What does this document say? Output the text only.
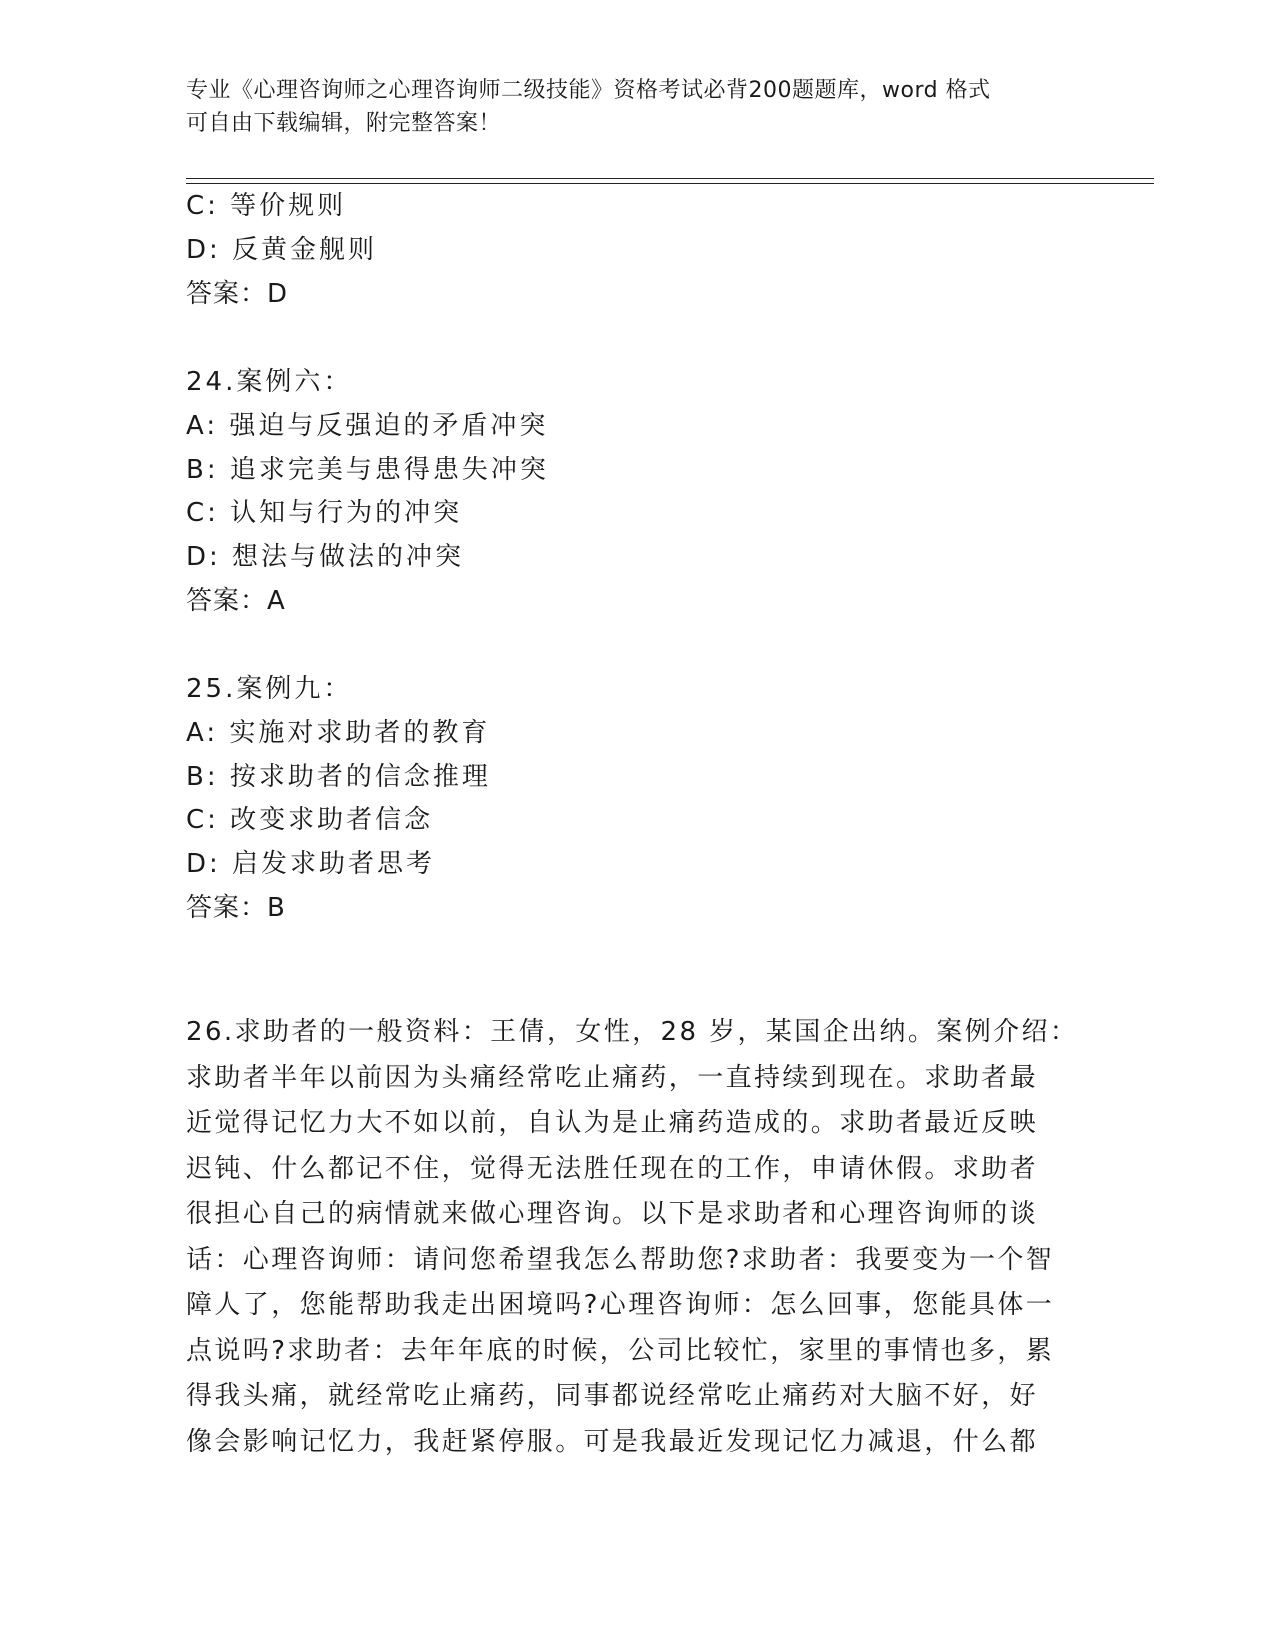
专业《心理咨询师之心理咨询师二级技能》资格考试必背200题题库，word 格式
可自由下载编辑，附完整答案！
C: 等价规则
D: 反黄金舰则
答案：D
24.案例六：
A: 强迫与反强迫的矛盾冲突
B: 追求完美与患得患失冲突
C: 认知与行为的冲突
D: 想法与做法的冲突
答案：A
25.案例九：
A: 实施对求助者的教育
B: 按求助者的信念推理
C: 改变求助者信念
D: 启发求助者思考
答案：B
26.求助者的一般资料：王倩，女性，28 岁，某国企出纳。案例介绍：
求助者半年以前因为头痛经常吃止痛药，一直持续到现在。求助者最
近觉得记忆力大不如以前，自认为是止痛药造成的。求助者最近反映
迟钝、什么都记不住，觉得无法胜任现在的工作，申请休假。求助者
很担心自己的病情就来做心理咨询。以下是求助者和心理咨询师的谈
话：心理咨询师：请问您希望我怎么帮助您?求助者：我要变为一个智
障人了，您能帮助我走出困境吗?心理咨询师：怎么回事，您能具体一
点说吗?求助者：去年年底的时候，公司比较忙，家里的事情也多，累
得我头痛，就经常吃止痛药，同事都说经常吃止痛药对大脑不好，好
像会影响记忆力，我赶紧停服。可是我最近发现记忆力减退，什么都
